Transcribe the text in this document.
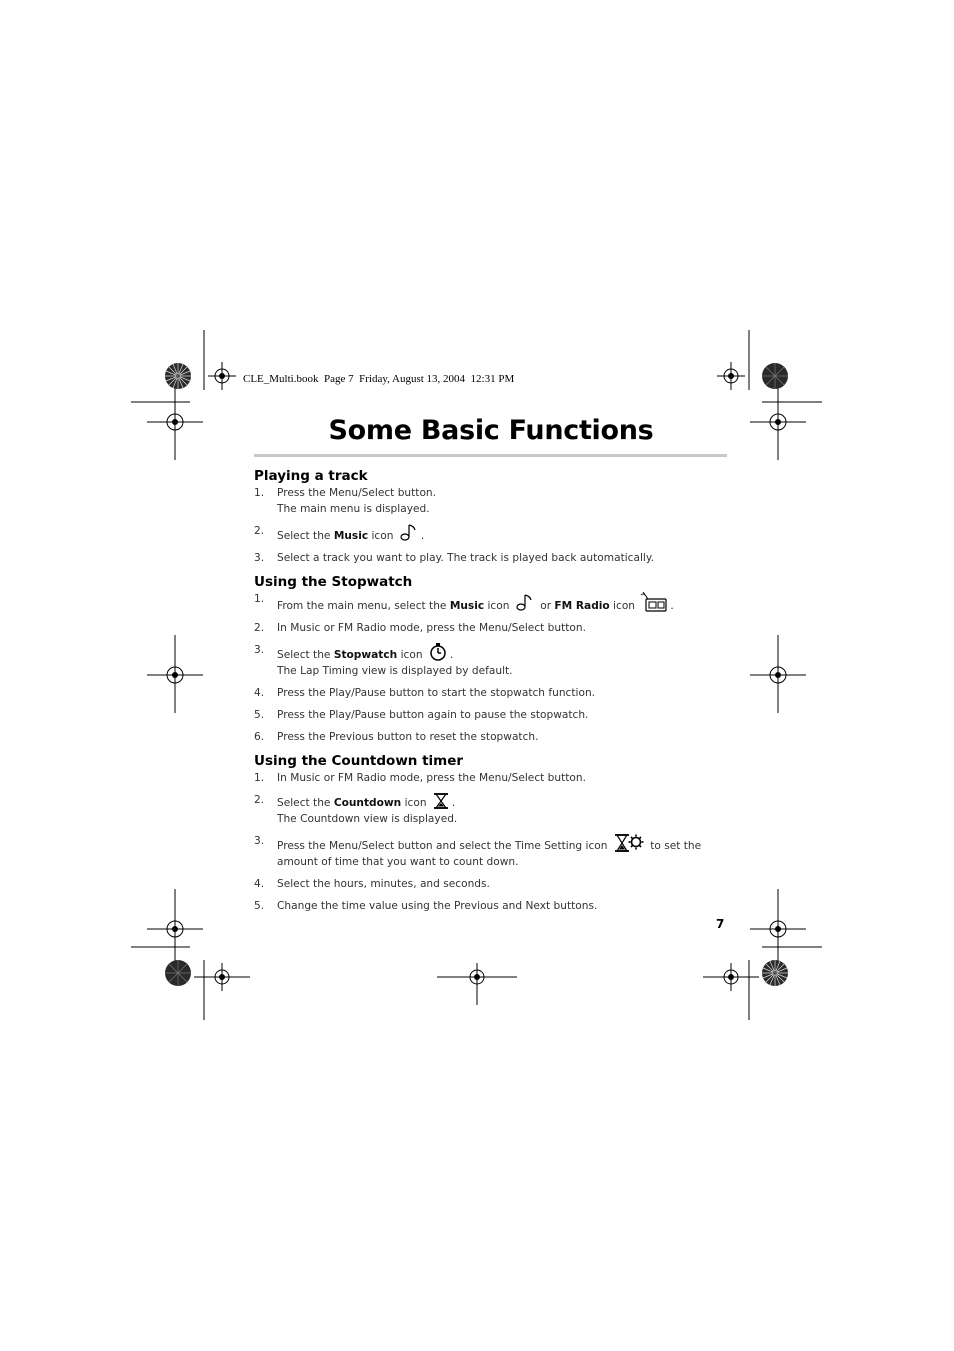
CLE_Multi.book  Page 7  Friday, August 13, 2004  12:31 PM
Some Basic Functions
Playing a track
1. Press the Menu/Select button.
The main menu is displayed.
2. Select the Music icon	.
3. Select a track you want to play. The track is played back automatically.
Using the Stopwatch
1.
From the main menu, select the Music icon	or FM Radio icon	.
2. In Music or FM Radio mode, press the Menu/Select button.
3. Select the Stopwatch icon	.
The Lap Timing view is displayed by default.
4. Press the Play/Pause button to start the stopwatch function.
5. Press the Play/Pause button again to pause the stopwatch.
6. Press the Previous button to reset the stopwatch.
Using the Countdown timer
1. In Music or FM Radio mode, press the Menu/Select button.
2. Select the Countdown icon .
The Countdown view is displayed.
3. Press the Menu/Select button and select the Time Setting icon	to set the
amount of time that you want to count down.
4. Select the hours, minutes, and seconds.
5. Change the time value using the Previous and Next buttons.
7
